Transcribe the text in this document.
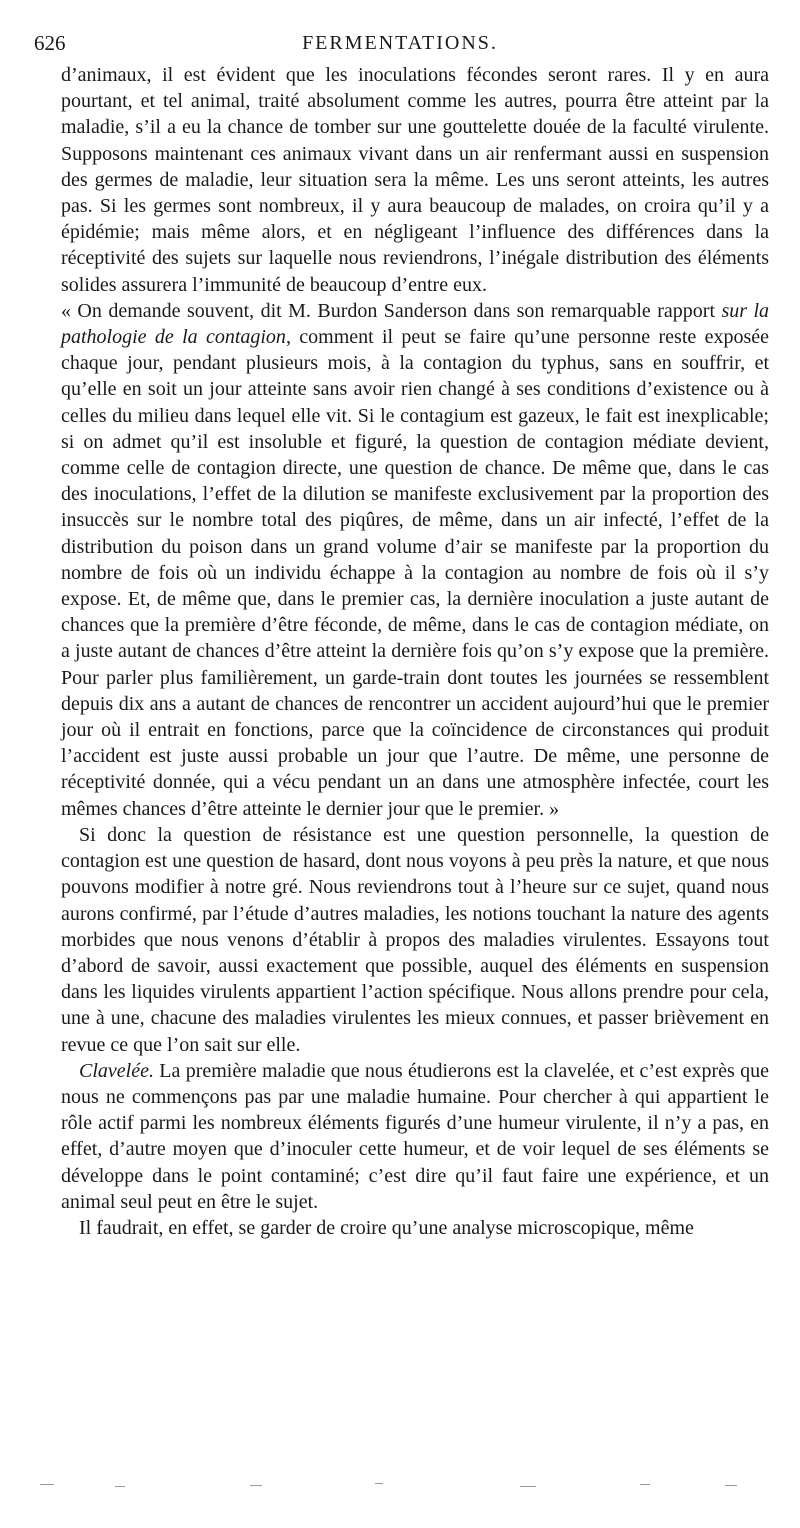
626	FERMENTATIONS.

d’animaux, il est évident que les inoculations fécondes seront rares. Il y en aura pourtant, et tel animal, traité absolument comme les autres, pourra être atteint par la maladie, s’il a eu la chance de tomber sur une gouttelette douée de la faculté virulente. Supposons maintenant ces animaux vivant dans un air renfermant aussi en suspension des germes de maladie, leur situation sera la même. Les uns seront atteints, les autres pas. Si les germes sont nombreux, il y aura beaucoup de malades, on croira qu’il y a épidémie; mais même alors, et en négligeant l’influence des différences dans la réceptivité des sujets sur laquelle nous reviendrons, l’inégale distribution des éléments solides assurera l’immunité de beaucoup d’entre eux.

« On demande souvent, dit M. Burdon Sanderson dans son remarquable rapport sur la pathologie de la contagion, comment il peut se faire qu’une personne reste exposée chaque jour, pendant plusieurs mois, à la contagion du typhus, sans en souffrir, et qu’elle en soit un jour atteinte sans avoir rien changé à ses conditions d’existence ou à celles du milieu dans lequel elle vit. Si le contagium est gazeux, le fait est inexplicable; si on admet qu’il est insoluble et figuré, la question de contagion médiate devient, comme celle de contagion directe, une question de chance. De même que, dans le cas des inoculations, l’effet de la dilution se manifeste exclusivement par la proportion des insuccès sur le nombre total des piqûres, de même, dans un air infecté, l’effet de la distribution du poison dans un grand volume d’air se manifeste par la proportion du nombre de fois où un individu échappe à la contagion au nombre de fois où il s’y expose. Et, de même que, dans le premier cas, la dernière inoculation a juste autant de chances que la première d’être féconde, de même, dans le cas de contagion médiate, on a juste autant de chances d’être atteint la dernière fois qu’on s’y expose que la première. Pour parler plus familièrement, un garde-train dont toutes les journées se ressemblent depuis dix ans a autant de chances de rencontrer un accident aujourd’hui que le premier jour où il entrait en fonctions, parce que la coïncidence de circonstances qui produit l’accident est juste aussi probable un jour que l’autre. De même, une personne de réceptivité donnée, qui a vécu pendant un an dans une atmosphère infectée, court les mêmes chances d’être atteinte le dernier jour que le premier. »

Si donc la question de résistance est une question personnelle, la question de contagion est une question de hasard, dont nous voyons à peu près la nature, et que nous pouvons modifier à notre gré. Nous reviendrons tout à l’heure sur ce sujet, quand nous aurons confirmé, par l’étude d’autres maladies, les notions touchant la nature des agents morbides que nous venons d’établir à propos des maladies virulentes. Essayons tout d’abord de savoir, aussi exactement que possible, auquel des éléments en suspension dans les liquides virulents appartient l’action spécifique. Nous allons prendre pour cela, une à une, chacune des maladies virulentes les mieux connues, et passer brièvement en revue ce que l’on sait sur elle.

Clavelée. La première maladie que nous étudierons est la clavelée, et c’est exprès que nous ne commençons pas par une maladie humaine. Pour chercher à qui appartient le rôle actif parmi les nombreux éléments figurés d’une humeur virulente, il n’y a pas, en effet, d’autre moyen que d’inoculer cette humeur, et de voir lequel de ses éléments se développe dans le point contaminé; c’est dire qu’il faut faire une expérience, et un animal seul peut en être le sujet.

Il faudrait, en effet, se garder de croire qu’une analyse microscopique, même
